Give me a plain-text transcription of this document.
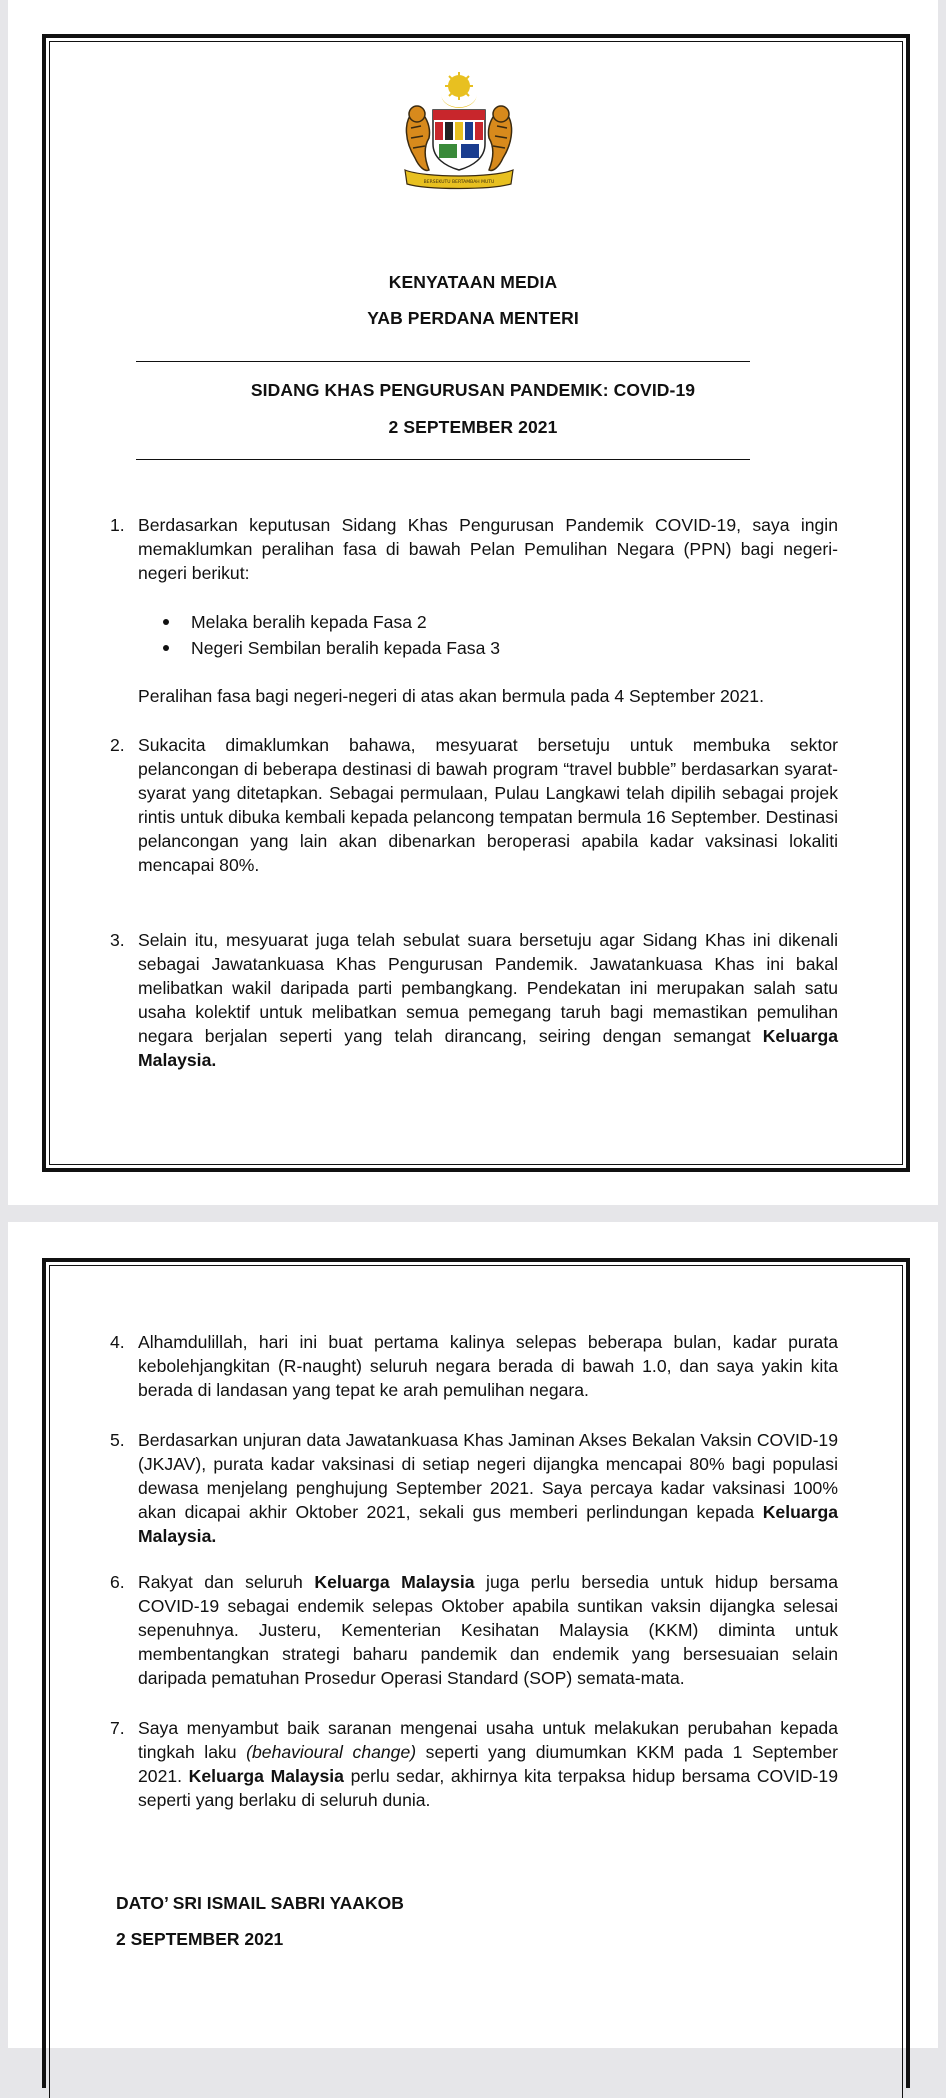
BERSEKUTU BERTAMBAH MUTU
KENYATAAN MEDIA
YAB PERDANA MENTERI
SIDANG KHAS PENGURUSAN PANDEMIK: COVID-19
2 SEPTEMBER 2021
1. Berdasarkan keputusan Sidang Khas Pengurusan Pandemik COVID-19, saya ingin memaklumkan peralihan fasa di bawah Pelan Pemulihan Negara (PPN) bagi negeri-negeri berikut:
Melaka beralih kepada Fasa 2
Negeri Sembilan beralih kepada Fasa 3
Peralihan fasa bagi negeri-negeri di atas akan bermula pada 4 September 2021.
2. Sukacita dimaklumkan bahawa, mesyuarat bersetuju untuk membuka sektor pelancongan di beberapa destinasi di bawah program “travel bubble” berdasarkan syarat-syarat yang ditetapkan. Sebagai permulaan, Pulau Langkawi telah dipilih sebagai projek rintis untuk dibuka kembali kepada pelancong tempatan bermula 16 September. Destinasi pelancongan yang lain akan dibenarkan beroperasi apabila kadar vaksinasi lokaliti mencapai 80%.
3. Selain itu, mesyuarat juga telah sebulat suara bersetuju agar Sidang Khas ini dikenali sebagai Jawatankuasa Khas Pengurusan Pandemik. Jawatankuasa Khas ini bakal melibatkan wakil daripada parti pembangkang. Pendekatan ini merupakan salah satu usaha kolektif untuk melibatkan semua pemegang taruh bagi memastikan pemulihan negara berjalan seperti yang telah dirancang, seiring dengan semangat Keluarga Malaysia.
4. Alhamdulillah, hari ini buat pertama kalinya selepas beberapa bulan, kadar purata kebolehjangkitan (R-naught) seluruh negara berada di bawah 1.0, dan saya yakin kita berada di landasan yang tepat ke arah pemulihan negara.
5. Berdasarkan unjuran data Jawatankuasa Khas Jaminan Akses Bekalan Vaksin COVID-19 (JKJAV), purata kadar vaksinasi di setiap negeri dijangka mencapai 80% bagi populasi dewasa menjelang penghujung September 2021. Saya percaya kadar vaksinasi 100% akan dicapai akhir Oktober 2021, sekali gus memberi perlindungan kepada Keluarga Malaysia.
6. Rakyat dan seluruh Keluarga Malaysia juga perlu bersedia untuk hidup bersama COVID-19 sebagai endemik selepas Oktober apabila suntikan vaksin dijangka selesai sepenuhnya. Justeru, Kementerian Kesihatan Malaysia (KKM) diminta untuk membentangkan strategi baharu pandemik dan endemik yang bersesuaian selain daripada pematuhan Prosedur Operasi Standard (SOP) semata-mata.
7. Saya menyambut baik saranan mengenai usaha untuk melakukan perubahan kepada tingkah laku (behavioural change) seperti yang diumumkan KKM pada 1 September 2021. Keluarga Malaysia perlu sedar, akhirnya kita terpaksa hidup bersama COVID-19 seperti yang berlaku di seluruh dunia.
DATO’ SRI ISMAIL SABRI YAAKOB
2 SEPTEMBER 2021
